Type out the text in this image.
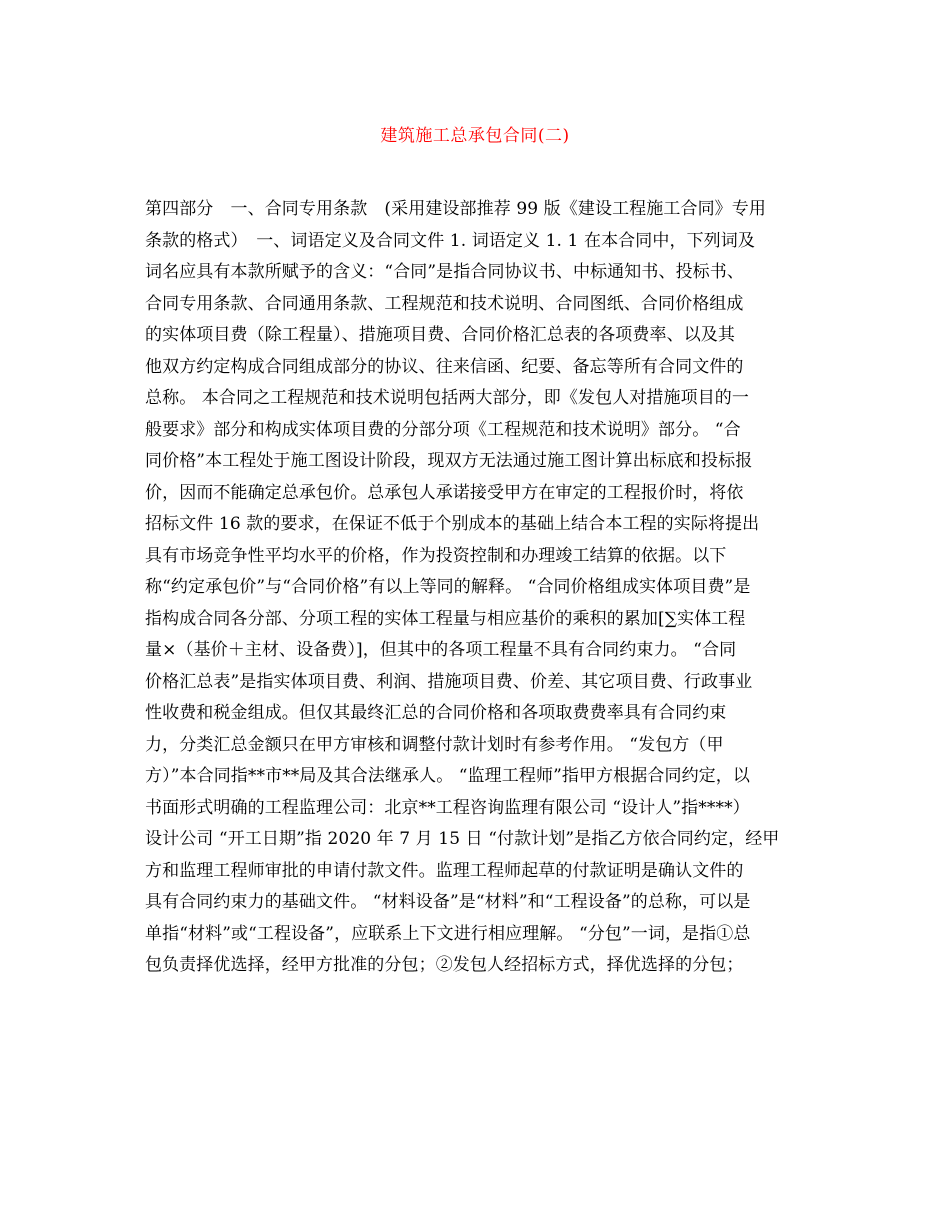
建筑施工总承包合同(二)
第四部分　一、合同专用条款　(采用建设部推荐 99 版《建设工程施工合同》专用
条款的格式）　一、词语定义及合同文件 1. 词语定义 1. 1 在本合同中，下列词及
词名应具有本款所赋予的含义：“合同”是指合同协议书、中标通知书、投标书、
合同专用条款、合同通用条款、工程规范和技术说明、合同图纸、合同价格组成
的实体项目费（除工程量）、措施项目费、合同价格汇总表的各项费率、以及其
他双方约定构成合同组成部分的协议、往来信函、纪要、备忘等所有合同文件的
总称。 本合同之工程规范和技术说明包括两大部分，即《发包人对措施项目的一
般要求》部分和构成实体项目费的分部分项《工程规范和技术说明》部分。 “合
同价格”本工程处于施工图设计阶段，现双方无法通过施工图计算出标底和投标报
价，因而不能确定总承包价。总承包人承诺接受甲方在审定的工程报价时，将依
招标文件 16 款的要求，在保证不低于个别成本的基础上结合本工程的实际将提出
具有市场竞争性平均水平的价格，作为投资控制和办理竣工结算的依据。以下
称“约定承包价”与“合同价格”有以上等同的解释。 “合同价格组成实体项目费”是
指构成合同各分部、分项工程的实体工程量与相应基价的乘积的累加[∑实体工程
量×（基价＋主材、设备费）]，但其中的各项工程量不具有合同约束力。 “合同
价格汇总表”是指实体项目费、利润、措施项目费、价差、其它项目费、行政事业
性收费和税金组成。但仅其最终汇总的合同价格和各项取费费率具有合同约束
力，分类汇总金额只在甲方审核和调整付款计划时有参考作用。 “发包方（甲
方）”本合同指**市**局及其合法继承人。 “监理工程师”指甲方根据合同约定，以
书面形式明确的工程监理公司：北京**工程咨询监理有限公司 “设计人”指****）
设计公司 “开工日期”指 2020 年 7 月 15 日 “付款计划”是指乙方依合同约定，经甲
方和监理工程师审批的申请付款文件。监理工程师起草的付款证明是确认文件的
具有合同约束力的基础文件。 “材料设备”是“材料”和“工程设备”的总称，可以是
单指“材料”或“工程设备”，应联系上下文进行相应理解。 “分包”一词，是指①总
包负责择优选择，经甲方批准的分包；②发包人经招标方式，择优选择的分包；
